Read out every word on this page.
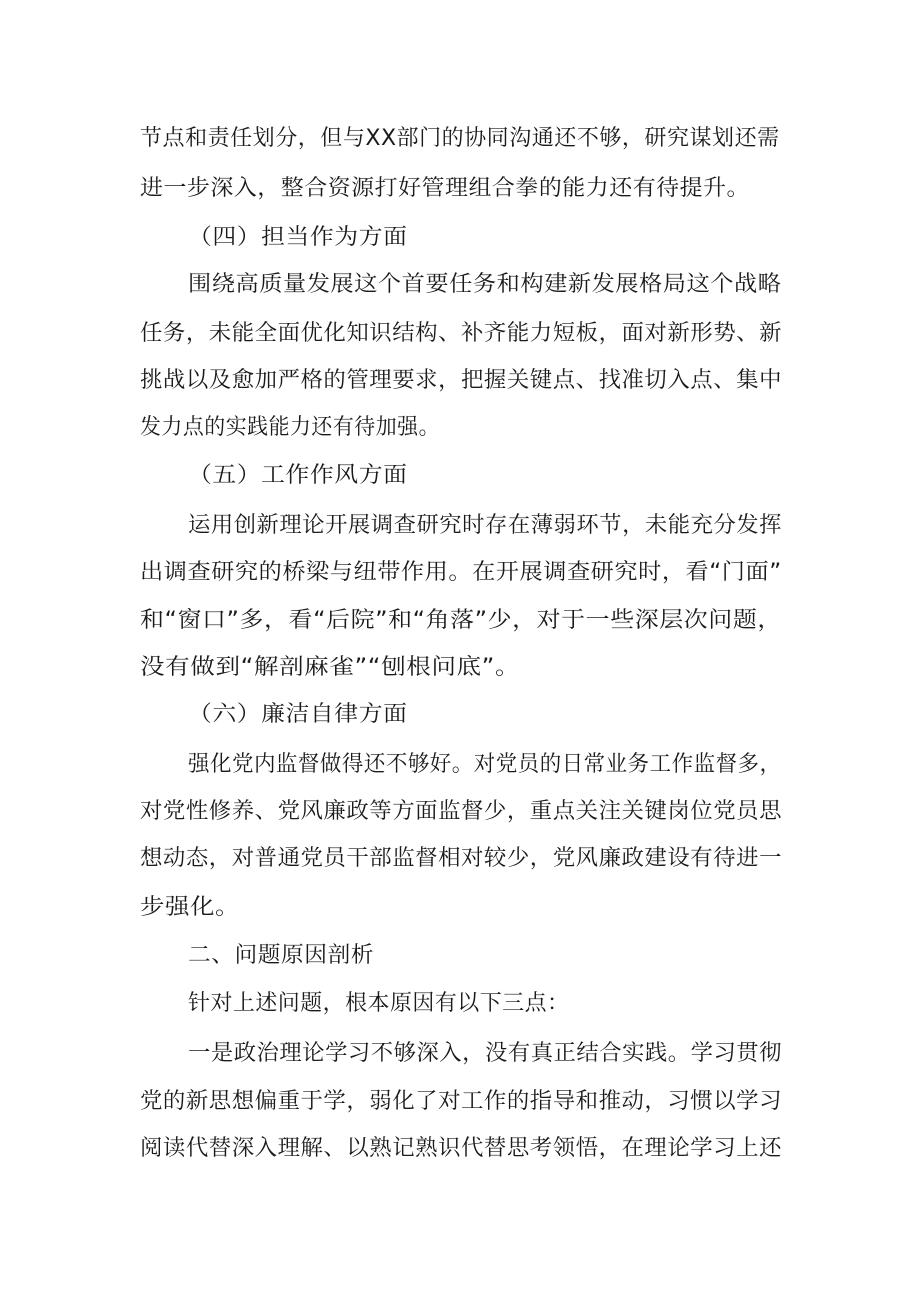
节点和责任划分，但与XX部门的协同沟通还不够，研究谋划还需
进一步深入，整合资源打好管理组合拳的能力还有待提升。
（四）担当作为方面
围绕高质量发展这个首要任务和构建新发展格局这个战略
任务，未能全面优化知识结构、补齐能力短板，面对新形势、新
挑战以及愈加严格的管理要求，把握关键点、找准切入点、集中
发力点的实践能力还有待加强。
（五）工作作风方面
运用创新理论开展调查研究时存在薄弱环节，未能充分发挥
出调查研究的桥梁与纽带作用。在开展调查研究时，看“门面”
和“窗口”多，看“后院”和“角落”少，对于一些深层次问题，
没有做到“解剖麻雀”“刨根问底”。
（六）廉洁自律方面
强化党内监督做得还不够好。对党员的日常业务工作监督多，
对党性修养、党风廉政等方面监督少，重点关注关键岗位党员思
想动态，对普通党员干部监督相对较少，党风廉政建设有待进一
步强化。
二、问题原因剖析
针对上述问题，根本原因有以下三点：
一是政治理论学习不够深入，没有真正结合实践。学习贯彻
党的新思想偏重于学，弱化了对工作的指导和推动，习惯以学习
阅读代替深入理解、以熟记熟识代替思考领悟，在理论学习上还
